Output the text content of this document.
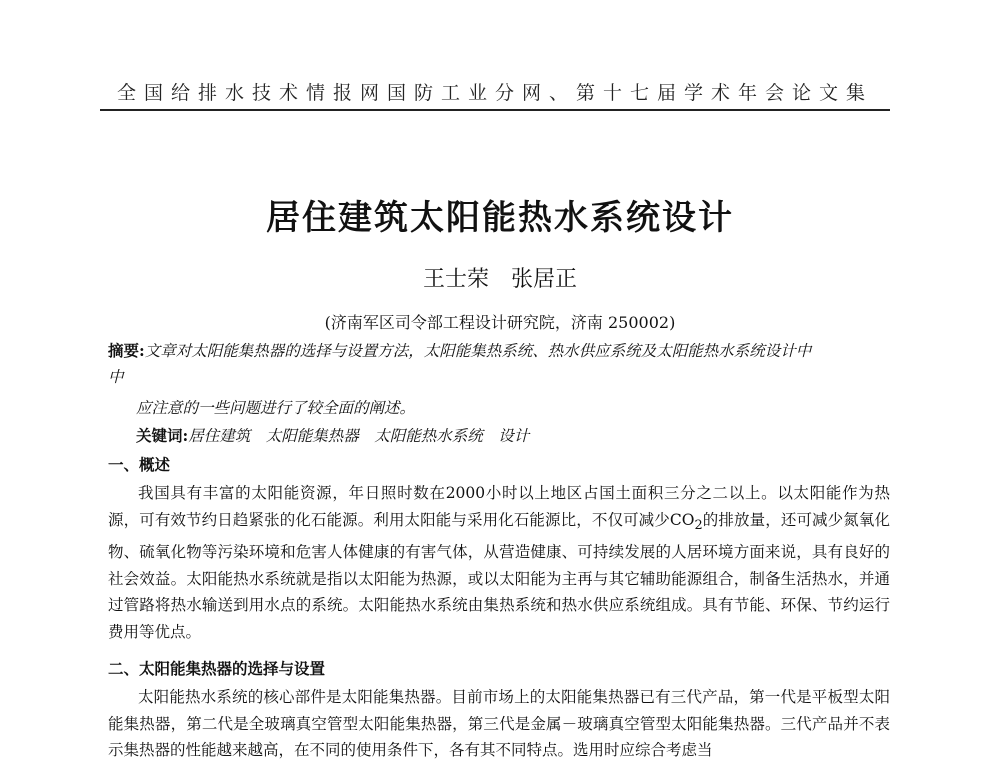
全国给排水技术情报网国防工业分网、第十七届学术年会论文集
居住建筑太阳能热水系统设计
王士荣　张居正
(济南军区司令部工程设计研究院，济南 250002)
摘要:文章对太阳能集热器的选择与设置方法，太阳能集热系统、热水供应系统及太阳能热水系统设计中
中
应注意的一些问题进行了较全面的阐述。
关键词:居住建筑　太阳能集热器　太阳能热水系统　设计
一、概述
我国具有丰富的太阳能资源，年日照时数在2000小时以上地区占国土面积三分之二以上。以太阳能作为热源，可有效节约日趋紧张的化石能源。利用太阳能与采用化石能源比，不仅可减少$CO_2$的排放量，还可减少氮氧化物、硫氧化物等污染环境和危害人体健康的有害气体，从营造健康、可持续发展的人居环境方面来说，具有良好的社会效益。太阳能热水系统就是指以太阳能为热源，或以太阳能为主再与其它辅助能源组合，制备生活热水，并通过管路将热水输送到用水点的系统。太阳能热水系统由集热系统和热水供应系统组成。具有节能、环保、节约运行费用等优点。
二、太阳能集热器的选择与设置
太阳能热水系统的核心部件是太阳能集热器。目前市场上的太阳能集热器已有三代产品，第一代是平板型太阳能集热器，第二代是全玻璃真空管型太阳能集热器，第三代是金属－玻璃真空管型太阳能集热器。三代产品并不表示集热器的性能越来越高，在不同的使用条件下，各有其不同特点。选用时应综合考虑当
